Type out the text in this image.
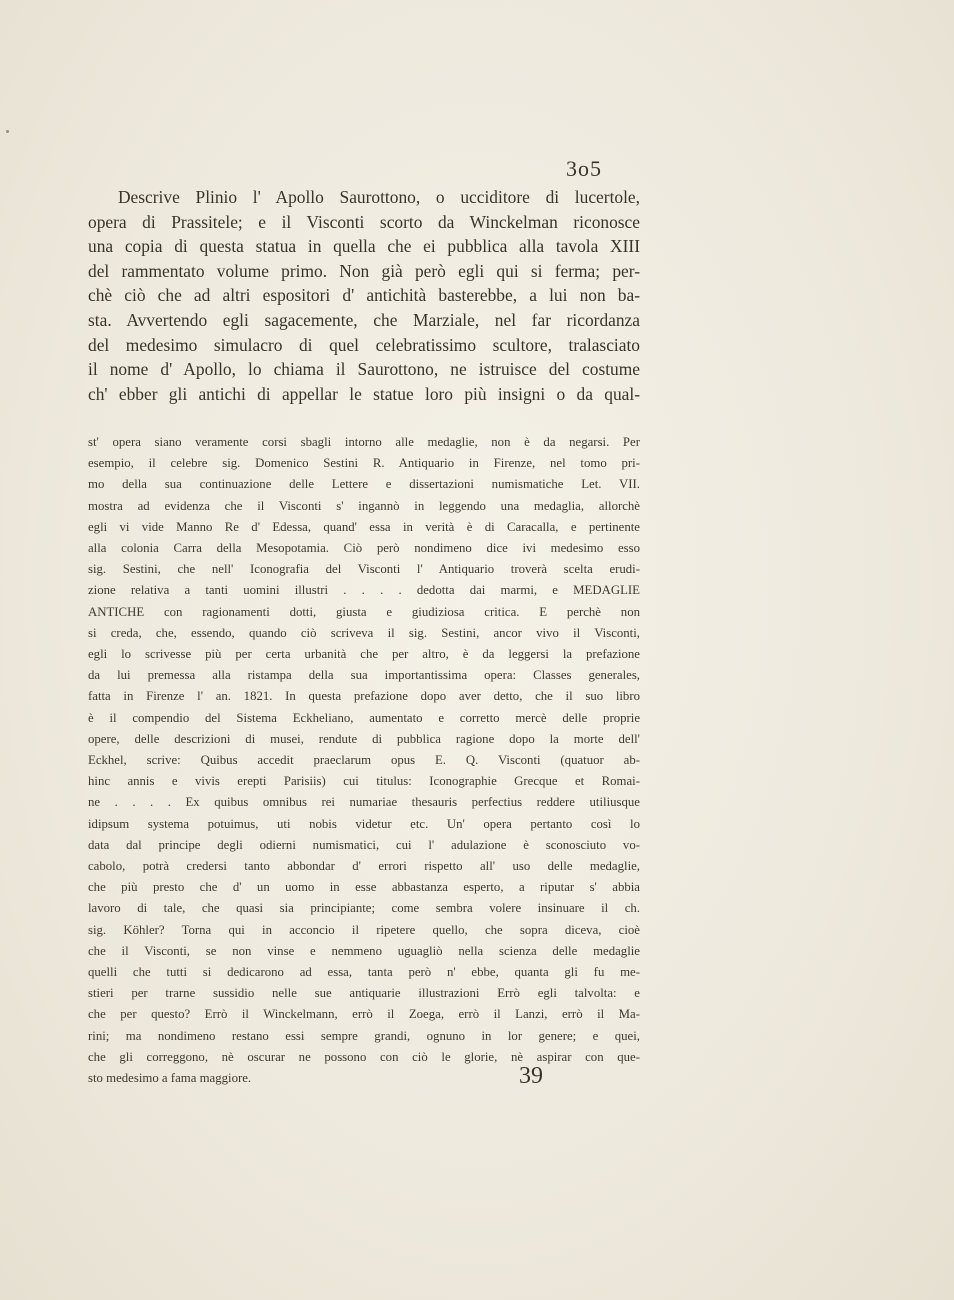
3o5
Descrive Plinio l' Apollo Saurottono, o ucciditore di lucertole,
opera di Prassitele; e il Visconti scorto da Winckelman riconosce
una copia di questa statua in quella che ei pubblica alla tavola XIII
del rammentato volume primo. Non già però egli qui si ferma; per-
chè ciò che ad altri espositori d' antichità basterebbe, a lui non ba-
sta. Avvertendo egli sagacemente, che Marziale, nel far ricordanza
del medesimo simulacro di quel celebratissimo scultore, tralasciato
il nome d' Apollo, lo chiama il Saurottono, ne istruisce del costume
ch' ebber gli antichi di appellar le statue loro più insigni o da qual-
st' opera siano veramente corsi sbagli intorno alle medaglie, non è da negarsi. Per
esempio, il celebre sig. Domenico Sestini R. Antiquario in Firenze, nel tomo pri-
mo della sua continuazione delle Lettere e dissertazioni numismatiche Let. VII.
mostra ad evidenza che il Visconti s' ingannò in leggendo una medaglia, allorchè
egli vi vide Mannо Re d' Edessa, quand' essa in verità è di Caracalla, e pertinente
alla colonia Carra della Mesopotamia. Ciò però nondimeno dice ivi medesimo esso
sig. Sestini, che nell' Iconografia del Visconti l' Antiquario troverà scelta erudi-
zione relativa a tanti uomini illustri . . . . dedotta dai marmi, e MEDAGLIE
ANTICHE con ragionamenti dotti, giusta e giudiziosa critica. E perchè non
si creda, che, essendo, quando ciò scriveva il sig. Sestini, ancor vivo il Visconti,
egli lo scrivesse più per certa urbanità che per altro, è da leggersi la prefazione
da lui premessa alla ristampa della sua importantissima opera: Classes generales,
fatta in Firenze l' an. 1821. In questa prefazione dopo aver detto, che il suo libro
è il compendio del Sistema Eckheliano, aumentato e corretto mercè delle proprie
opere, delle descrizioni di musei, rendute di pubblica ragione dopo la morte dell'
Eckhel, scrive: Quibus accedit praeclarum opus E. Q. Visconti (quatuor ab-
hinc annis e vivis erepti Parisiis) cui titulus: Iconographie Grecque et Romai-
ne . . . . Ex quibus omnibus rei numariae thesauris perfectius reddere utiliusque
idipsum systema potuimus, uti nobis videtur etc. Un' opera pertanto così lo
data dal principe degli odierni numismatici, cui l' adulazione è sconosciuto vo-
cabolo, potrà credersi tanto abbondar d' errori rispetto all' uso delle medaglie,
che più presto che d' un uomo in esse abbastanza esperto, a riputar s' abbia
lavoro di tale, che quasi sia principiante; come sembra volere insinuare il ch.
sig. Köhler? Torna qui in acconcio il ripetere quello, che sopra diceva, cioè
che il Visconti, se non vinse e nemmeno uguagliò nella scienza delle medaglie
quelli che tutti si dedicarono ad essa, tanta però n' ebbe, quanta gli fu me-
stieri per trarne sussidio nelle sue antiquarie illustrazioni Errò egli talvolta: e
che per questo? Errò il Winckelmann, errò il Zoega, errò il Lanzi, errò il Ma-
rini; ma nondimeno restano essi sempre grandi, ognuno in lor genere; e quei,
che gli correggono, nè oscurar ne possono con ciò le glorie, nè aspirar con que-
sto medesimo a fama maggiore.	39
